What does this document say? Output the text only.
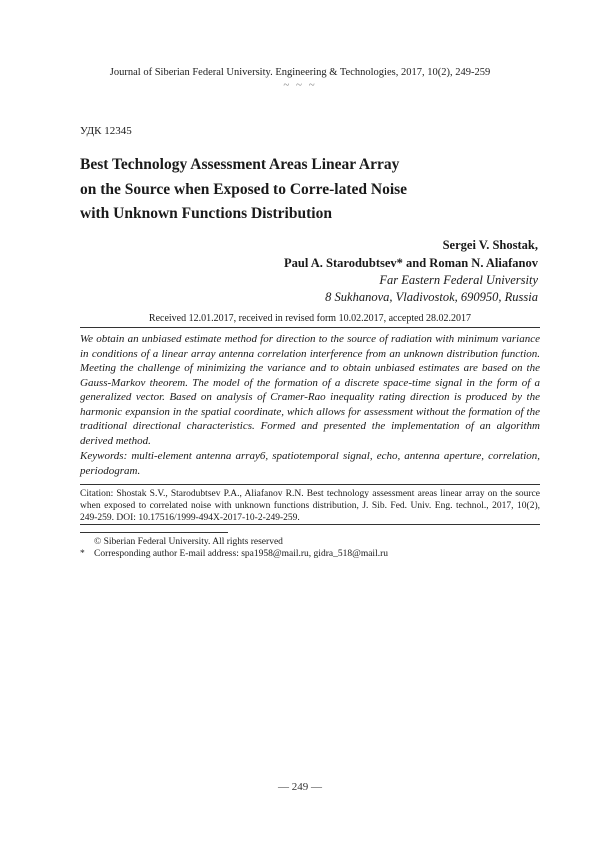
Journal of Siberian Federal University. Engineering & Technologies, 2017, 10(2), 249-259
~ ~ ~
УДК 12345
Best Technology Assessment Areas Linear Array
on the Source when Exposed to Corre-lated Noise
with Unknown Functions Distribution
Sergei V. Shostak,
Paul A. Starodubtsev* and Roman N. Aliafanov
Far Eastern Federal University
8 Sukhanova, Vladivostok, 690950, Russia
Received 12.01.2017, received in revised form 10.02.2017, accepted 28.02.2017
We obtain an unbiased estimate method for direction to the source of radiation with minimum variance in conditions of a linear array antenna correlation interference from an unknown distribution function. Meeting the challenge of minimizing the variance and to obtain unbiased estimates are based on the Gauss-Markov theorem. The model of the formation of a discrete space-time signal in the form of a generalized vector. Based on analysis of Cramer-Rao inequality rating direction is produced by the harmonic expansion in the spatial coordinate, which allows for assessment without the formation of the traditional directional characteristics. Formed and presented the implementation of an algorithm derived method.
Keywords: multi-element antenna array6, spatiotemporal signal, echo, antenna aperture, correlation, periodogram.
Citation: Shostak S.V., Starodubtsev P.A., Aliafanov R.N. Best technology assessment areas linear array on the source when exposed to correlated noise with unknown functions distribution, J. Sib. Fed. Univ. Eng. technol., 2017, 10(2), 249-259. DOI: 10.17516/1999-494X-2017-10-2-249-259.
© Siberian Federal University. All rights reserved
* Corresponding author E-mail address: spa1958@mail.ru, gidra_518@mail.ru
— 249 —
